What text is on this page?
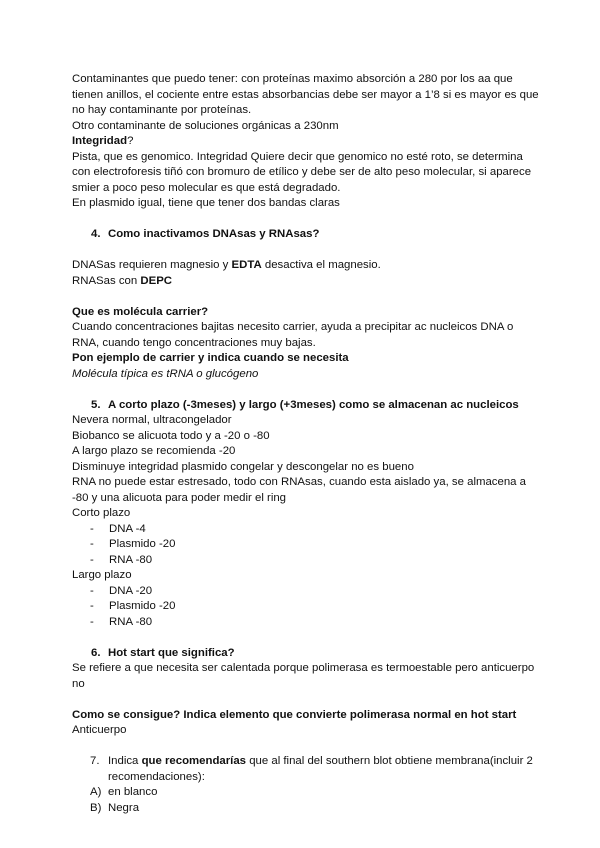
Contaminantes que puedo tener: con proteínas maximo absorción a 280 por los aa que tienen anillos, el cociente entre estas absorbancias debe ser mayor a 1’8 si es mayor es que no hay contaminante por proteínas.

Otro contaminante de soluciones orgánicas a 230nm

Integridad?

Pista, que es genomico. Integridad Quiere decir que genomico no esté roto, se determina con electroforesis tiñó con bromuro de etílico y debe ser de alto peso molecular, si aparece smier a poco peso molecular es que está degradado.

En plasmido igual, tiene que tener dos bandas claras

4. Como inactivamos DNAsas y RNAsas?

DNASas requieren magnesio y EDTA desactiva el magnesio.

RNASas con DEPC

Que es molécula carrier?

Cuando concentraciones bajitas necesito carrier, ayuda a precipitar ac nucleicos DNA o RNA, cuando tengo concentraciones muy bajas.

Pon ejemplo de carrier y indica cuando se necesita

Molécula típica es tRNA o glucógeno

5. A corto plazo (-3meses) y largo (+3meses) como se almacenan ac nucleicos

Nevera normal, ultracongelador

Biobanco se alicuota todo y a -20 o -80

A largo plazo se recomienda -20

Disminuye integridad plasmido congelar y descongelar no es bueno

RNA no puede estar estresado, todo con RNAsas, cuando esta aislado ya, se almacena a -80 y una alicuota para poder medir el ring

Corto plazo

-	DNA -4
-	Plasmido -20
-	RNA -80

Largo plazo

-	DNA -20
-	Plasmido -20
-	RNA -80
6. Hot start que significa?

Se refiere a que necesita ser calentada porque polimerasa es termoestable pero anticuerpo no

Como se consigue? Indica elemento que convierte polimerasa normal en hot start

Anticuerpo

7. Indica que recomendarías que al final del southern blot obtiene membrana(incluir 2 recomendaciones):
A) en blanco
B) Negra
